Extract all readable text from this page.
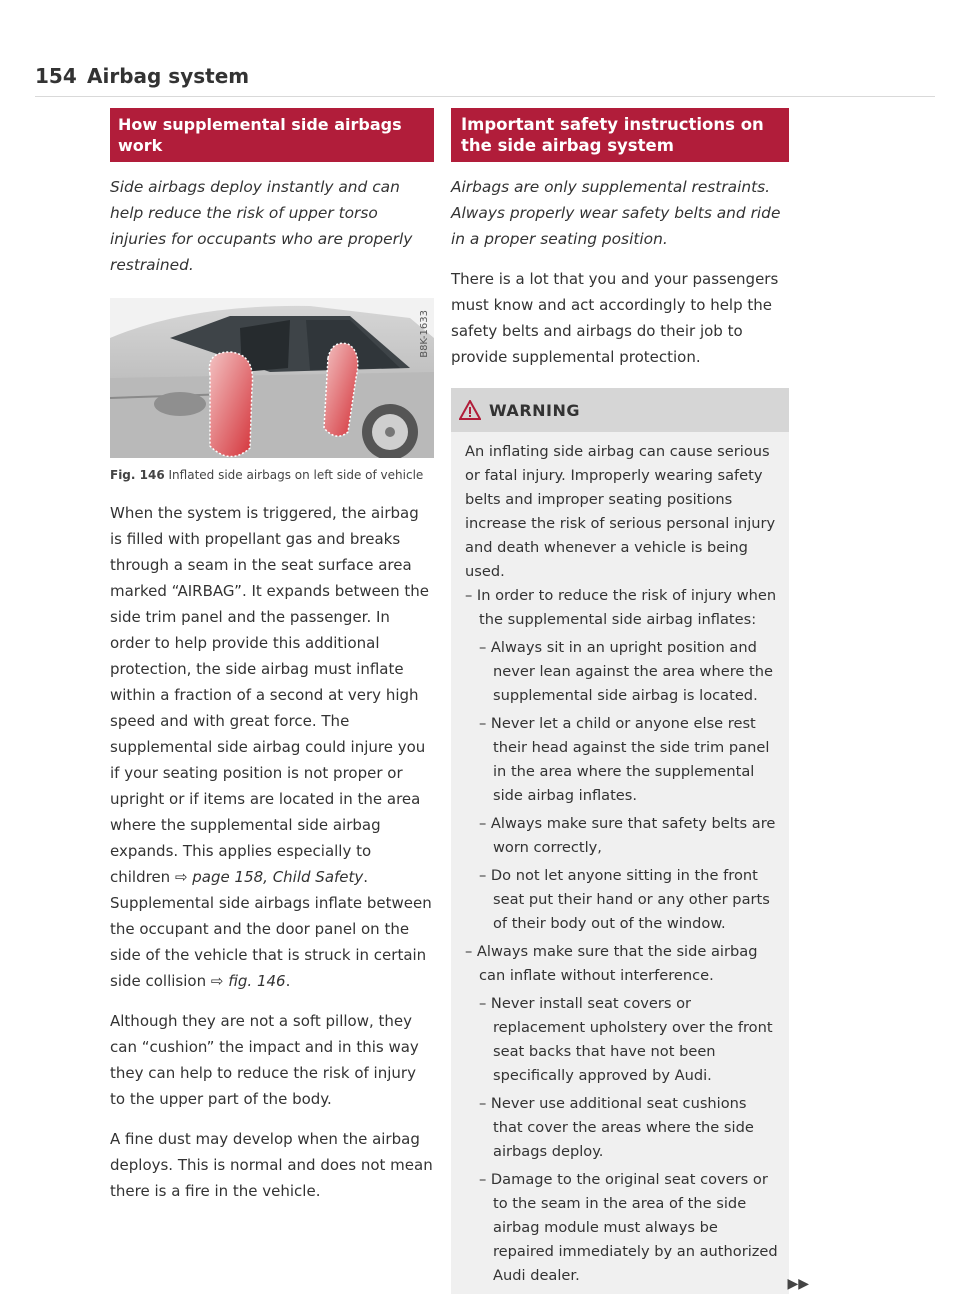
154 Airbag system
How supplemental side airbags work

Side airbags deploy instantly and can help reduce the risk of upper torso injuries for occupants who are properly restrained.

B8K-1633
Fig. 146 Inflated side airbags on left side of vehicle

When the system is triggered, the airbag is filled with propellant gas and breaks through a seam in the seat surface area marked “AIRBAG”. It expands between the side trim panel and the passenger. In order to help provide this additional protection, the side airbag must inflate within a fraction of a second at very high speed and with great force. The supplemental side airbag could injure you if your seating position is not proper or upright or if items are located in the area where the supplemental side airbag expands. This applies especially to children ⇨ page 158, Child Safety. Supplemental side airbags inflate between the occupant and the door panel on the side of the vehicle that is struck in certain side collision ⇨ fig. 146.

Although they are not a soft pillow, they can “cushion” the impact and in this way they can help to reduce the risk of injury to the upper part of the body.

A fine dust may develop when the airbag deploys. This is normal and does not mean there is a fire in the vehicle.

Important safety instructions on the side airbag system

Airbags are only supplemental restraints. Always properly wear safety belts and ride in a proper seating position.

There is a lot that you and your passengers must know and act accordingly to help the safety belts and airbags do their job to provide supplemental protection.

WARNING

An inflating side airbag can cause serious or fatal injury. Improperly wearing safety belts and improper seating positions increase the risk of serious personal injury and death whenever a vehicle is being used.

– In order to reduce the risk of injury when the supplemental side airbag inflates:

– Always sit in an upright position and never lean against the area where the supplemental side airbag is located.

– Never let a child or anyone else rest their head against the side trim panel in the area where the supplemental side airbag inflates.

– Always make sure that safety belts are worn correctly,

– Do not let anyone sitting in the front seat put their hand or any other parts of their body out of the window.

– Always make sure that the side airbag can inflate without interference.

– Never install seat covers or replacement upholstery over the front seat backs that have not been specifically approved by Audi.

– Never use additional seat cushions that cover the areas where the side airbags deploy.

– Damage to the original seat covers or to the seam in the area of the side airbag module must always be repaired immediately by an authorized Audi dealer.	▶▶
